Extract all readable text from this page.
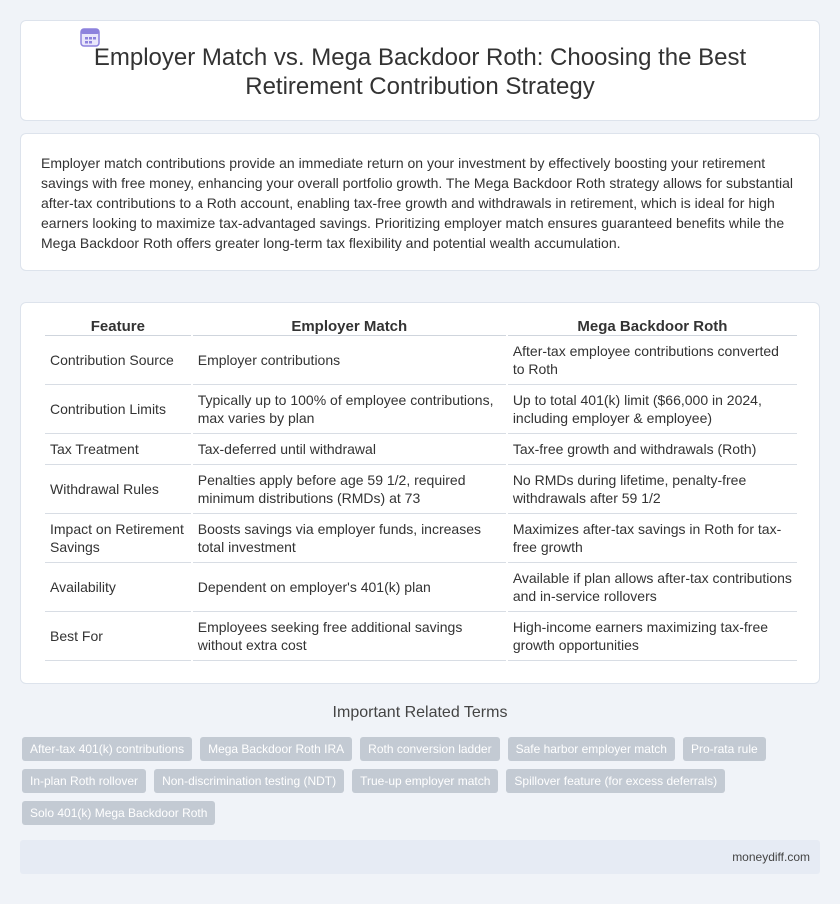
Employer Match vs. Mega Backdoor Roth: Choosing the Best Retirement Contribution Strategy

Employer match contributions provide an immediate return on your investment by effectively boosting your retirement savings with free money, enhancing your overall portfolio growth. The Mega Backdoor Roth strategy allows for substantial after-tax contributions to a Roth account, enabling tax-free growth and withdrawals in retirement, which is ideal for high earners looking to maximize tax-advantaged savings. Prioritizing employer match ensures guaranteed benefits while the Mega Backdoor Roth offers greater long-term tax flexibility and potential wealth accumulation.

Feature	Employer Match	Mega Backdoor Roth
Contribution Source	Employer contributions	After-tax employee contributions converted to Roth
Contribution Limits	Typically up to 100% of employee contributions, max varies by plan	Up to total 401(k) limit ($66,000 in 2024, including employer & employee)
Tax Treatment	Tax-deferred until withdrawal	Tax-free growth and withdrawals (Roth)
Withdrawal Rules	Penalties apply before age 59 1/2, required minimum distributions (RMDs) at 73	No RMDs during lifetime, penalty-free withdrawals after 59 1/2
Impact on Retirement Savings	Boosts savings via employer funds, increases total investment	Maximizes after-tax savings in Roth for tax-free growth
Availability	Dependent on employer's 401(k) plan	Available if plan allows after-tax contributions and in-service rollovers
Best For	Employees seeking free additional savings without extra cost	High-income earners maximizing tax-free growth opportunities
Important Related Terms
After-tax 401(k) contributions	Mega Backdoor Roth IRA	Roth conversion ladder	Safe harbor employer match	Pro-rata rule
In-plan Roth rollover	Non-discrimination testing (NDT)	True-up employer match	Spillover feature (for excess deferrals)
Solo 401(k) Mega Backdoor Roth
moneydiff.com
